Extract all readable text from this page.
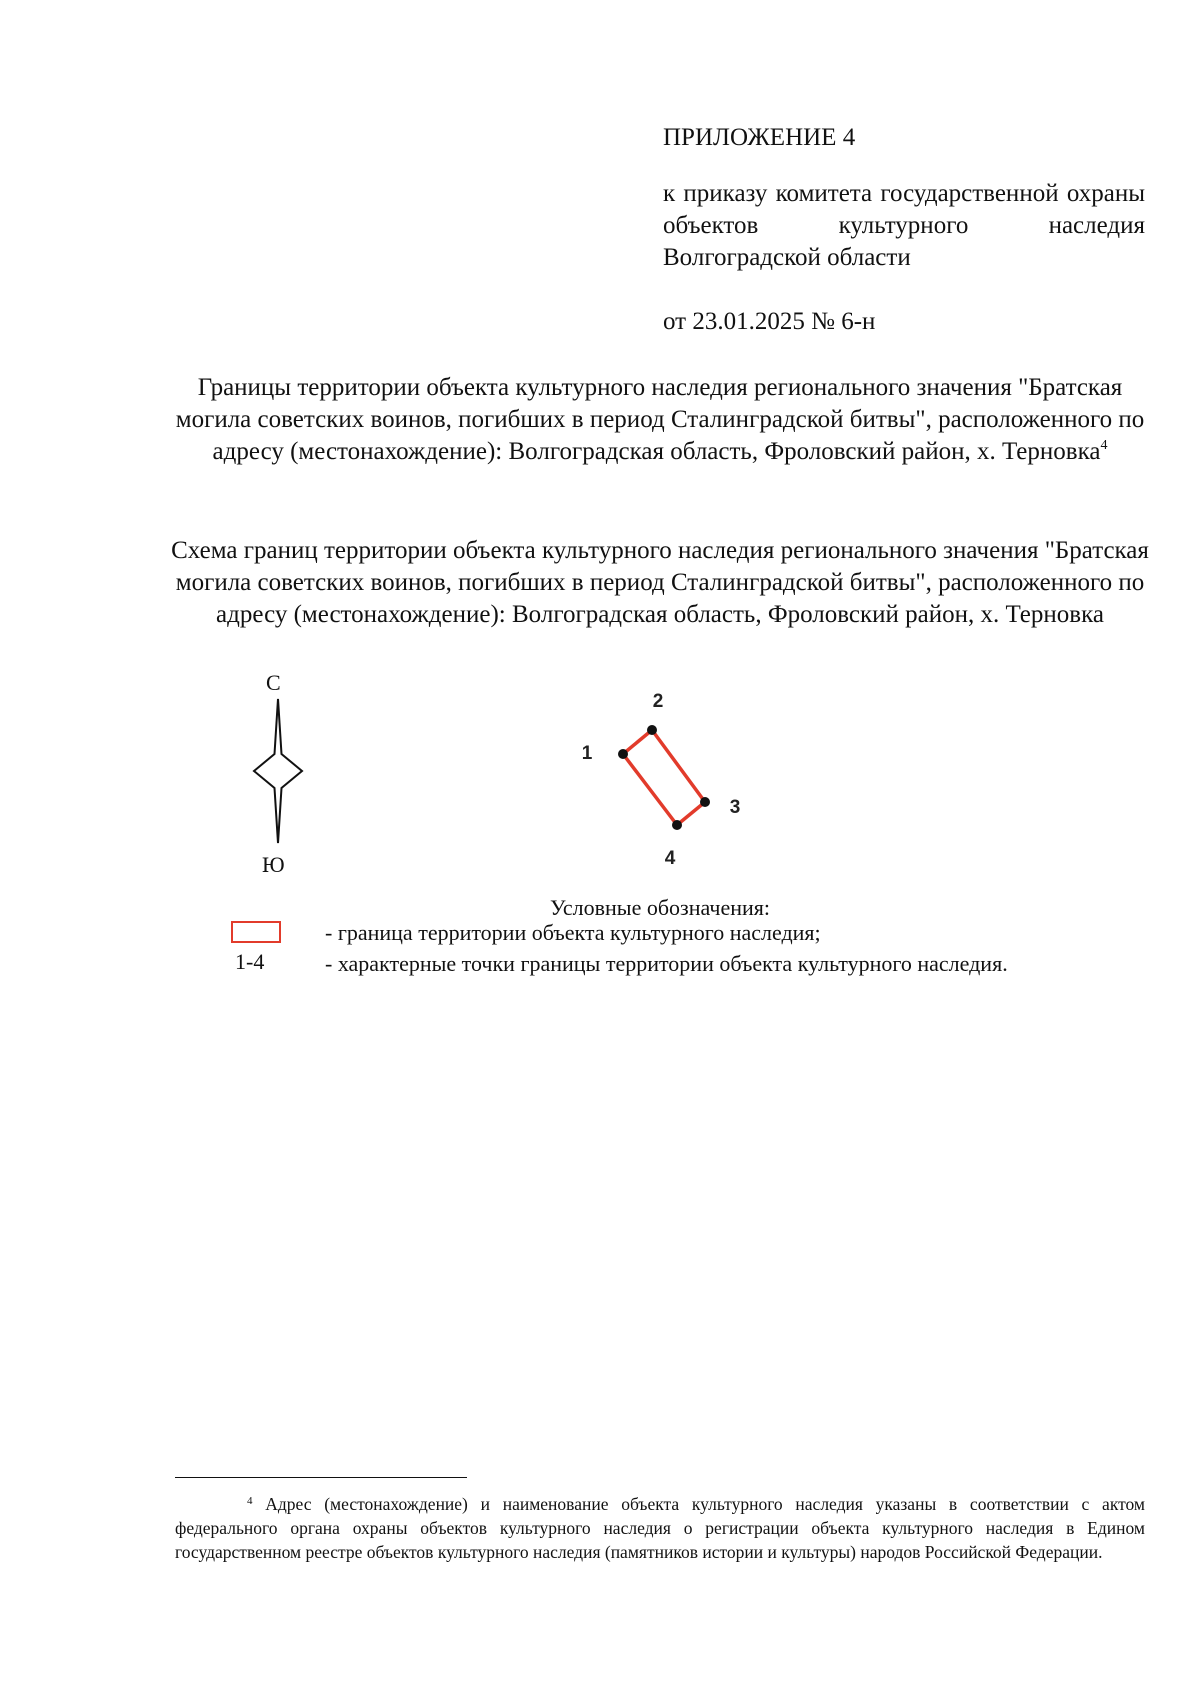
ПРИЛОЖЕНИЕ 4
к приказу комитета государственной охраны объектов культурного наследия Волгоградской области
от 23.01.2025 № 6-н
Границы территории объекта культурного наследия регионального значения "Братская могила советских воинов, погибших в период Сталинградской битвы", расположенного по адресу (местонахождение): Волгоградская область, Фроловский район, х. Терновка$^4$
Схема границ территории объекта культурного наследия регионального значения "Братская могила советских воинов, погибших в период Сталинградской битвы", расположенного по адресу (местонахождение): Волгоградская область, Фроловский район, х. Терновка
С
Ю
1
2
3
4
Условные обозначения:
- граница территории объекта культурного наследия;
1-4	- характерные точки границы территории объекта культурного наследия.
$^4$ Адрес (местонахождение) и наименование объекта культурного наследия указаны в соответствии с актом федерального органа охраны объектов культурного наследия о регистрации объекта культурного наследия в Едином государственном реестре объектов культурного наследия (памятников истории и культуры) народов Российской Федерации.
